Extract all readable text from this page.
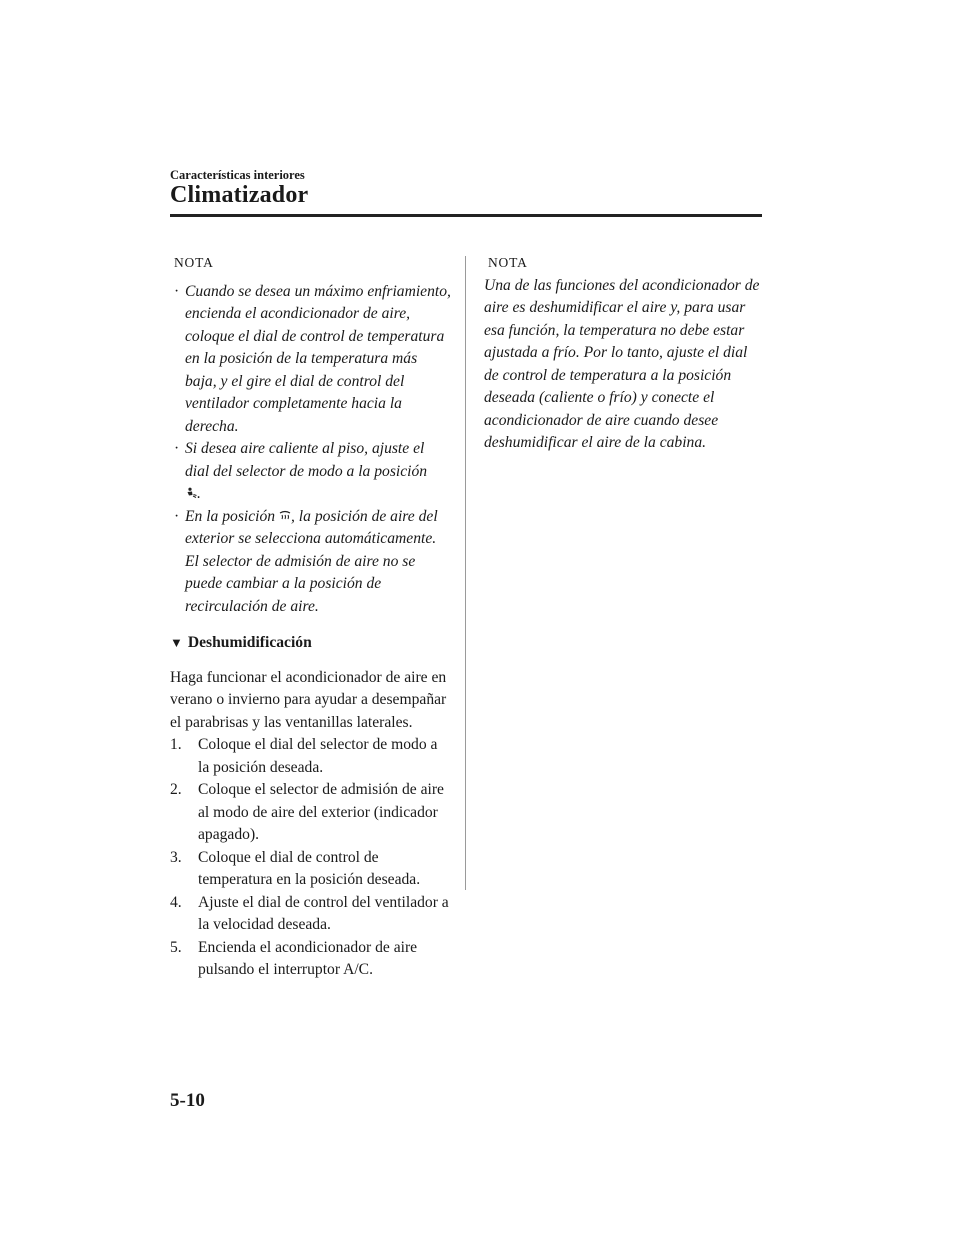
Características interiores
Climatizador
NOTA
· Cuando se desea un máximo enfriamiento, encienda el acondicionador de aire, coloque el dial de control de temperatura en la posición de la temperatura más baja, y el gire el dial de control del ventilador completamente hacia la derecha.
· Si desea aire caliente al piso, ajuste el dial del selector de modo a la posición
.
· En la posición , la posición de aire del exterior se selecciona automáticamente. El selector de admisión de aire no se puede cambiar a la posición de recirculación de aire.
▼ Deshumidificación
Haga funcionar el acondicionador de aire en verano o invierno para ayudar a desempañar el parabrisas y las ventanillas laterales.
1. Coloque el dial del selector de modo a la posición deseada.
2. Coloque el selector de admisión de aire al modo de aire del exterior (indicador apagado).
3. Coloque el dial de control de temperatura en la posición deseada.
4. Ajuste el dial de control del ventilador a la velocidad deseada.
5. Encienda el acondicionador de aire pulsando el interruptor A/C.
NOTA
Una de las funciones del acondicionador de aire es deshumidificar el aire y, para usar esa función, la temperatura no debe estar ajustada a frío. Por lo tanto, ajuste el dial de control de temperatura a la posición deseada (caliente o frío) y conecte el acondicionador de aire cuando desee deshumidificar el aire de la cabina.
5-10
